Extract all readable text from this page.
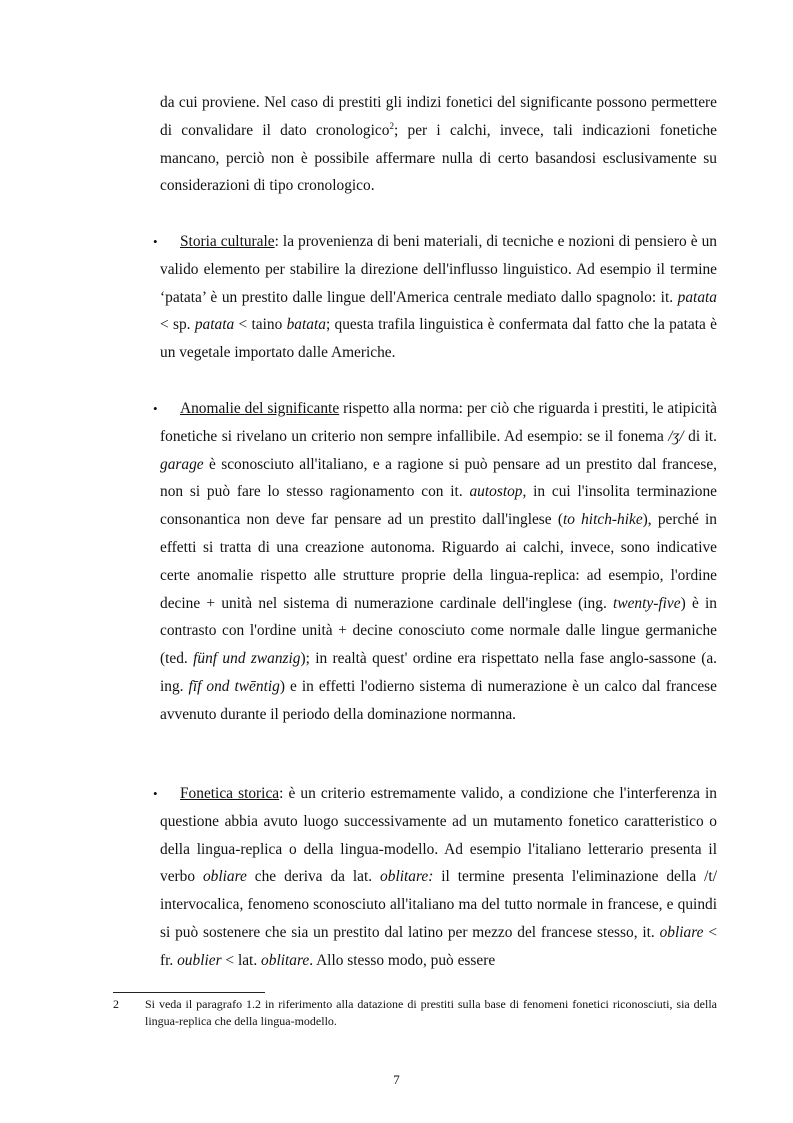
da cui proviene. Nel caso di prestiti gli indizi fonetici del significante possono permettere di convalidare il dato cronologico$^2$; per i calchi, invece, tali indicazioni fonetiche mancano, perciò non è possibile affermare nulla di certo basandosi esclusivamente su considerazioni di tipo cronologico.

•	Storia culturale: la provenienza di beni materiali, di tecniche e nozioni di pensiero è un valido elemento per stabilire la direzione dell'influsso linguistico. Ad esempio il termine ‘patata’ è un prestito dalle lingue dell'America centrale mediato dallo spagnolo: it. patata < sp. patata < taino batata; questa trafila linguistica è confermata dal fatto che la patata è un vegetale importato dalle Americhe.
•	Anomalie del significante rispetto alla norma: per ciò che riguarda i prestiti, le atipicità fonetiche si rivelano un criterio non sempre infallibile. Ad esempio: se il fonema /ʒ/ di it. garage è sconosciuto all'italiano, e a ragione si può pensare ad un prestito dal francese, non si può fare lo stesso ragionamento con it. autostop, in cui l'insolita terminazione consonantica non deve far pensare ad un prestito dall'inglese (to hitch-hike), perché in effetti si tratta di una creazione autonoma. Riguardo ai calchi, invece, sono indicative certe anomalie rispetto alle strutture proprie della lingua-replica: ad esempio, l'ordine decine + unità nel sistema di numerazione cardinale dell'inglese (ing. twenty-five) è in contrasto con l'ordine unità + decine conosciuto come normale dalle lingue germaniche (ted. fünf und zwanzig); in realtà quest' ordine era rispettato nella fase anglo-sassone (a. ing. fīf ond twēntig) e in effetti l'odierno sistema di numerazione è un calco dal francese avvenuto durante il periodo della dominazione normanna.
•	Fonetica storica: è un criterio estremamente valido, a condizione che l'interferenza in questione abbia avuto luogo successivamente ad un mutamento fonetico caratteristico o della lingua-replica o della lingua-modello. Ad esempio l'italiano letterario presenta il verbo obliare che deriva da lat. oblitare: il termine presenta l'eliminazione della /t/ intervocalica, fenomeno sconosciuto all'italiano ma del tutto normale in francese, e quindi si può sostenere che sia un prestito dal latino per mezzo del francese stesso, it. obliare < fr. oublier < lat. oblitare. Allo stesso modo, può essere
2 Si veda il paragrafo 1.2 in riferimento alla datazione di prestiti sulla base di fenomeni fonetici riconosciuti, sia della lingua-replica che della lingua-modello.
7
